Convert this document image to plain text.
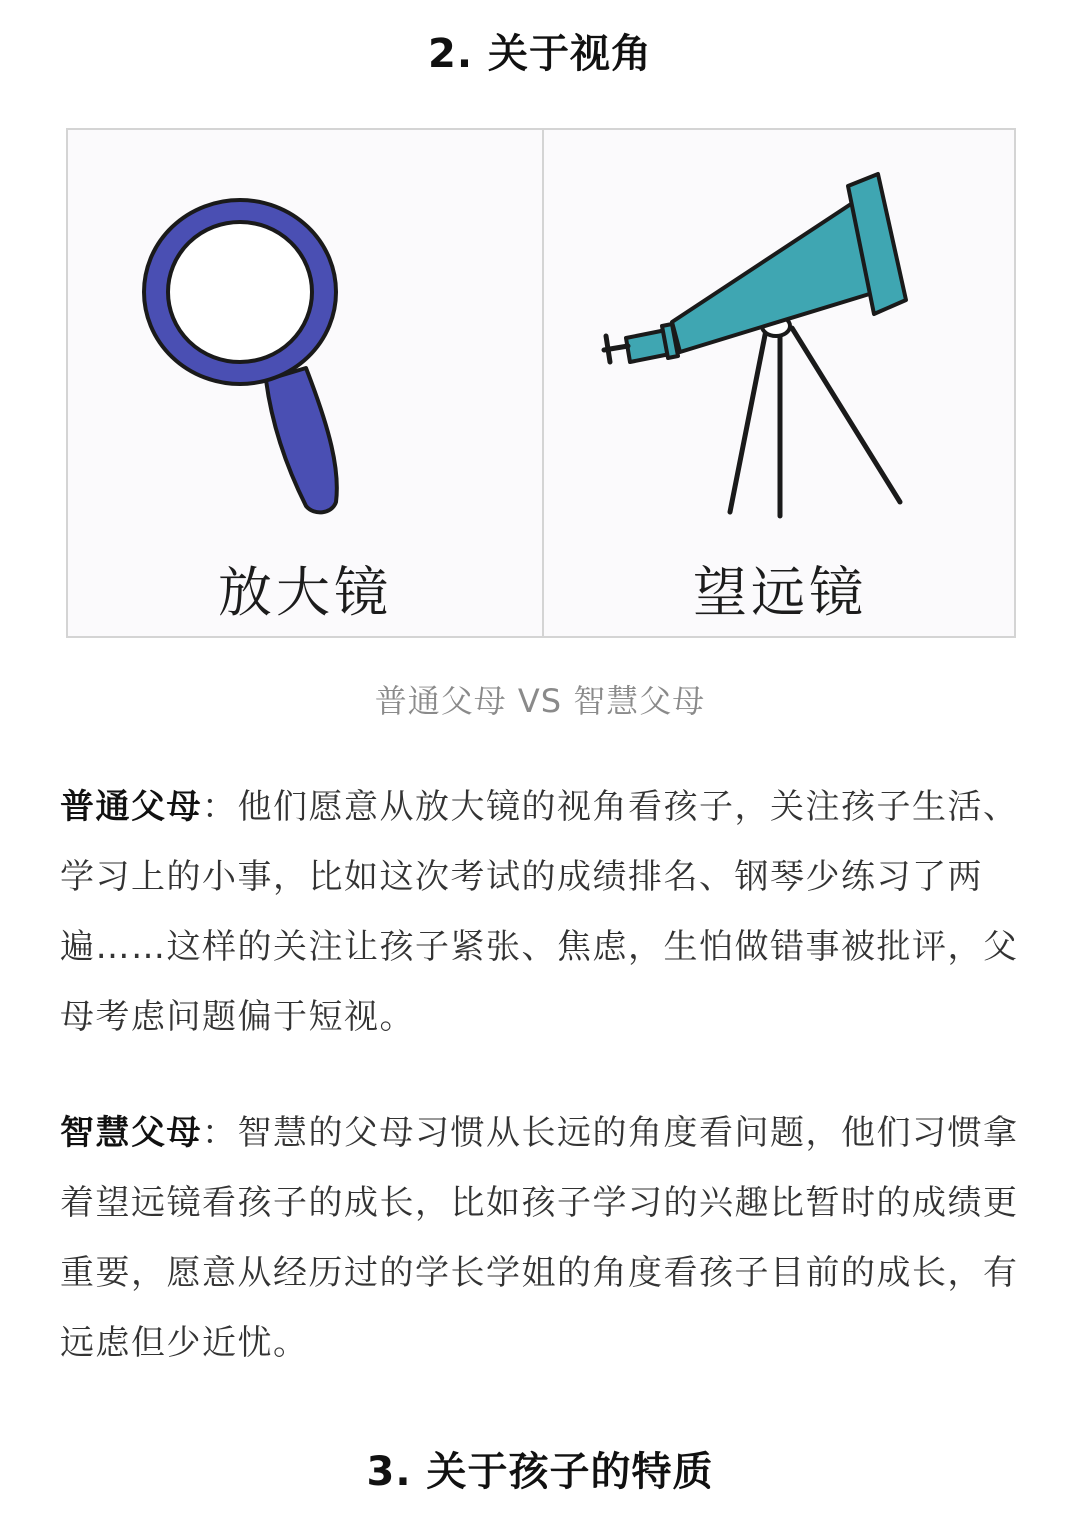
2. 关于视角
放大镜	望远镜
普通父母 VS 智慧父母

普通父母：他们愿意从放大镜的视角看孩子，关注孩子生活、学习上的小事，比如这次考试的成绩排名、钢琴少练习了两遍……这样的关注让孩子紧张、焦虑，生怕做错事被批评，父母考虑问题偏于短视。

智慧父母：智慧的父母习惯从长远的角度看问题，他们习惯拿着望远镜看孩子的成长，比如孩子学习的兴趣比暂时的成绩更重要，愿意从经历过的学长学姐的角度看孩子目前的成长，有远虑但少近忧。

3. 关于孩子的特质
